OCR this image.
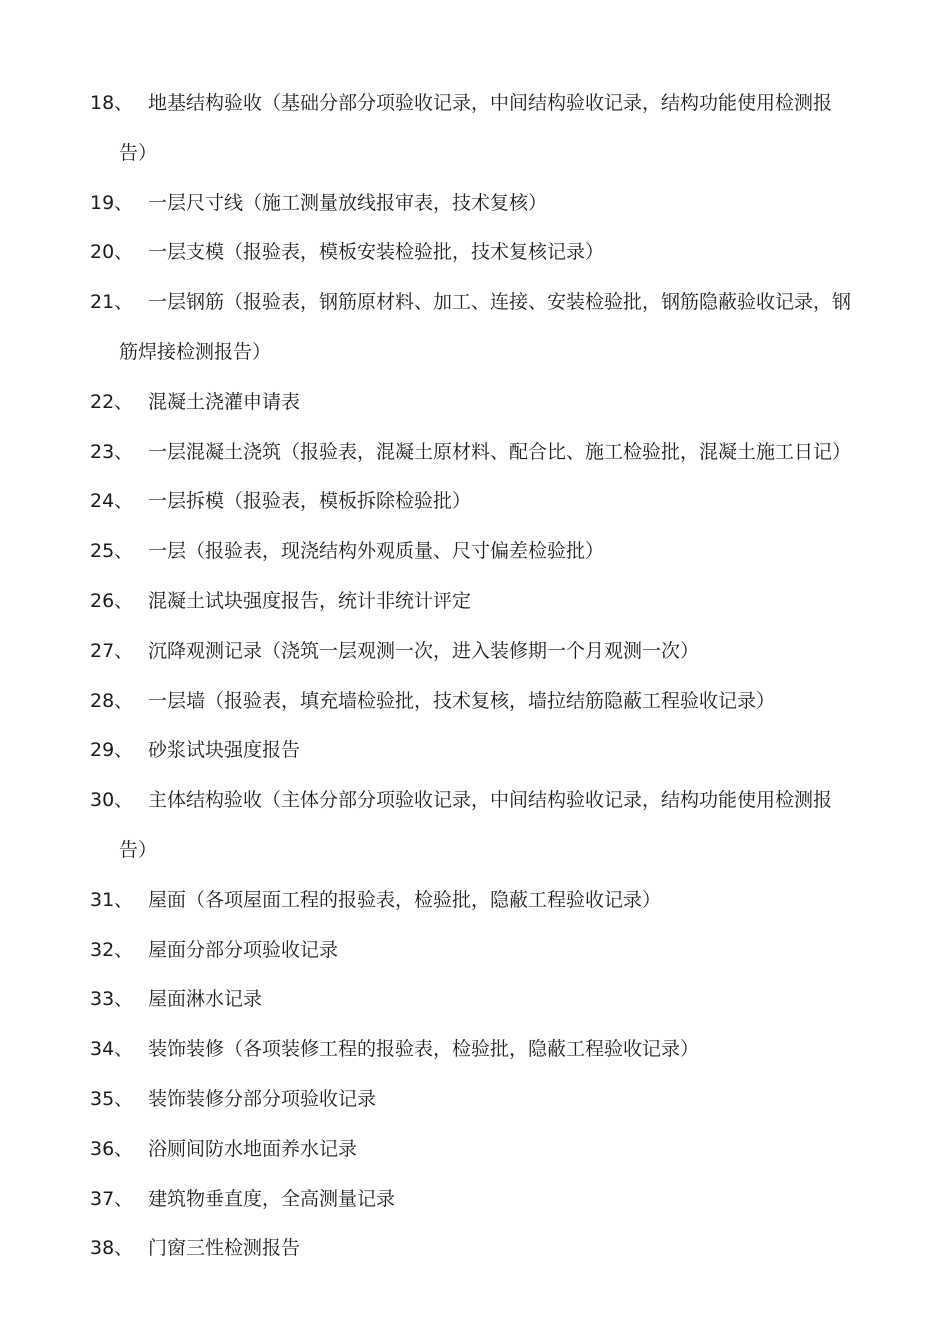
18、 地基结构验收（基础分部分项验收记录，中间结构验收记录，结构功能使用检测报
告）
19、 一层尺寸线（施工测量放线报审表，技术复核）
20、 一层支模（报验表，模板安装检验批，技术复核记录）
21、 一层钢筋（报验表，钢筋原材料、加工、连接、安装检验批，钢筋隐蔽验收记录，钢
筋焊接检测报告）
22、 混凝土浇灌申请表
23、 一层混凝土浇筑（报验表，混凝土原材料、配合比、施工检验批，混凝土施工日记）
24、 一层拆模（报验表，模板拆除检验批）
25、 一层（报验表，现浇结构外观质量、尺寸偏差检验批）
26、 混凝土试块强度报告，统计非统计评定
27、 沉降观测记录（浇筑一层观测一次，进入装修期一个月观测一次）
28、 一层墙（报验表，填充墙检验批，技术复核，墙拉结筋隐蔽工程验收记录）
29、 砂浆试块强度报告
30、 主体结构验收（主体分部分项验收记录，中间结构验收记录，结构功能使用检测报
告）
31、 屋面（各项屋面工程的报验表，检验批，隐蔽工程验收记录）
32、 屋面分部分项验收记录
33、 屋面淋水记录
34、 装饰装修（各项装修工程的报验表，检验批，隐蔽工程验收记录）
35、 装饰装修分部分项验收记录
36、 浴厕间防水地面养水记录
37、 建筑物垂直度，全高测量记录
38、 门窗三性检测报告
